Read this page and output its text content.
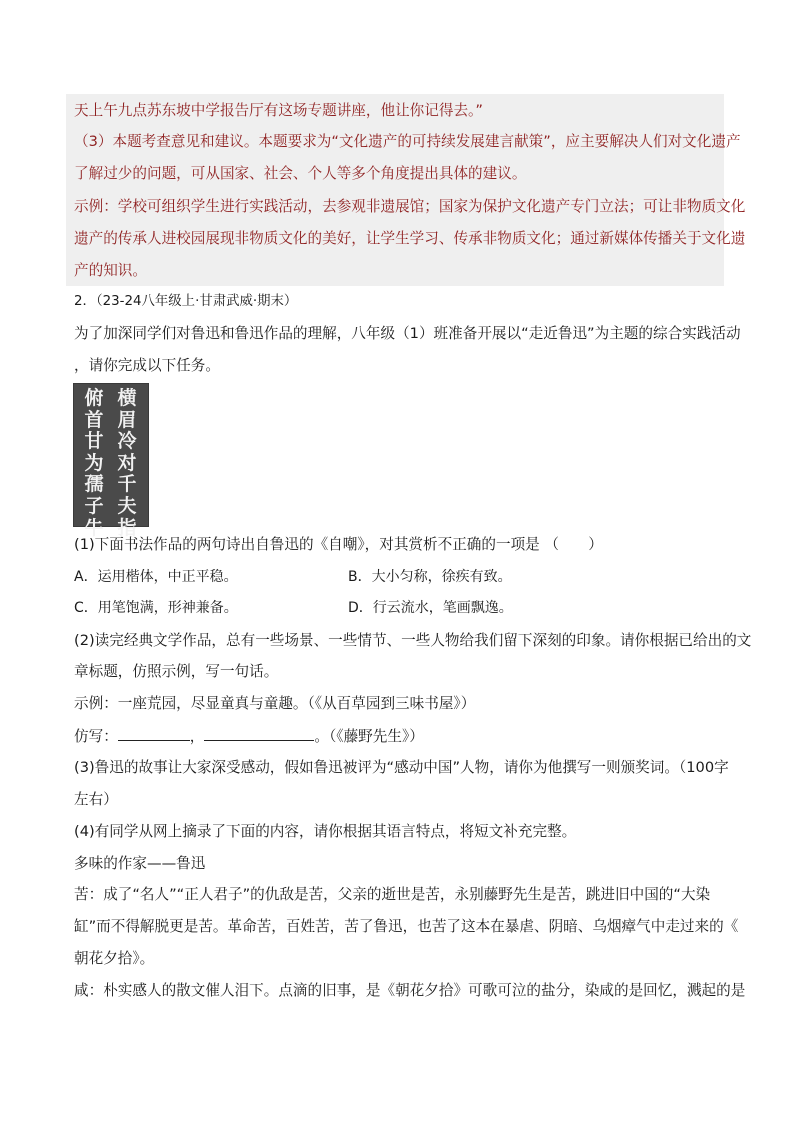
天上午九点苏东坡中学报告厅有这场专题讲座，他让你记得去。”
（3）本题考查意见和建议。本题要求为“文化遗产的可持续发展建言献策”，应主要解决人们对文化遗产
了解过少的问题，可从国家、社会、个人等多个角度提出具体的建议。
示例：学校可组织学生进行实践活动，去参观非遗展馆；国家为保护文化遗产专门立法；可让非物质文化
遗产的传承人进校园展现非物质文化的美好，让学生学习、传承非物质文化；通过新媒体传播关于文化遗
产的知识。
2．（23-24八年级上·甘肃武威·期末）
为了加深同学们对鲁迅和鲁迅作品的理解，八年级（1）班准备开展以“走近鲁迅”为主题的综合实践活动
，请你完成以下任务。
横
眉
冷
对
千
夫
指
俯
首
甘
为
孺
子
牛
(1)下面书法作品的两句诗出自鲁迅的《自嘲》，对其赏析不正确的一项是 （　　）
A．运用楷体，中正平稳。	B．大小匀称，徐疾有致。
C．用笔饱满，形神兼备。	D．行云流水，笔画飘逸。
(2)读完经典文学作品，总有一些场景、一些情节、一些人物给我们留下深刻的印象。请你根据已给出的文
章标题，仿照示例，写一句话。
示例：一座荒园，尽显童真与童趣。（《从百草园到三味书屋》）
仿写：	，	。（《藤野先生》）
(3)鲁迅的故事让大家深受感动，假如鲁迅被评为“感动中国”人物，请你为他撰写一则颁奖词。（100字
左右）
(4)有同学从网上摘录了下面的内容，请你根据其语言特点，将短文补充完整。
多味的作家——鲁迅
苦：成了“名人”“正人君子”的仇敌是苦，父亲的逝世是苦，永别藤野先生是苦，跳进旧中国的“大染
缸”而不得解脱更是苦。革命苦，百姓苦，苦了鲁迅，也苦了这本在暴虐、阴暗、乌烟瘴气中走过来的《
朝花夕拾》。
咸：朴实感人的散文催人泪下。点滴的旧事，是《朝花夕拾》可歌可泣的盐分，染咸的是回忆，溅起的是
